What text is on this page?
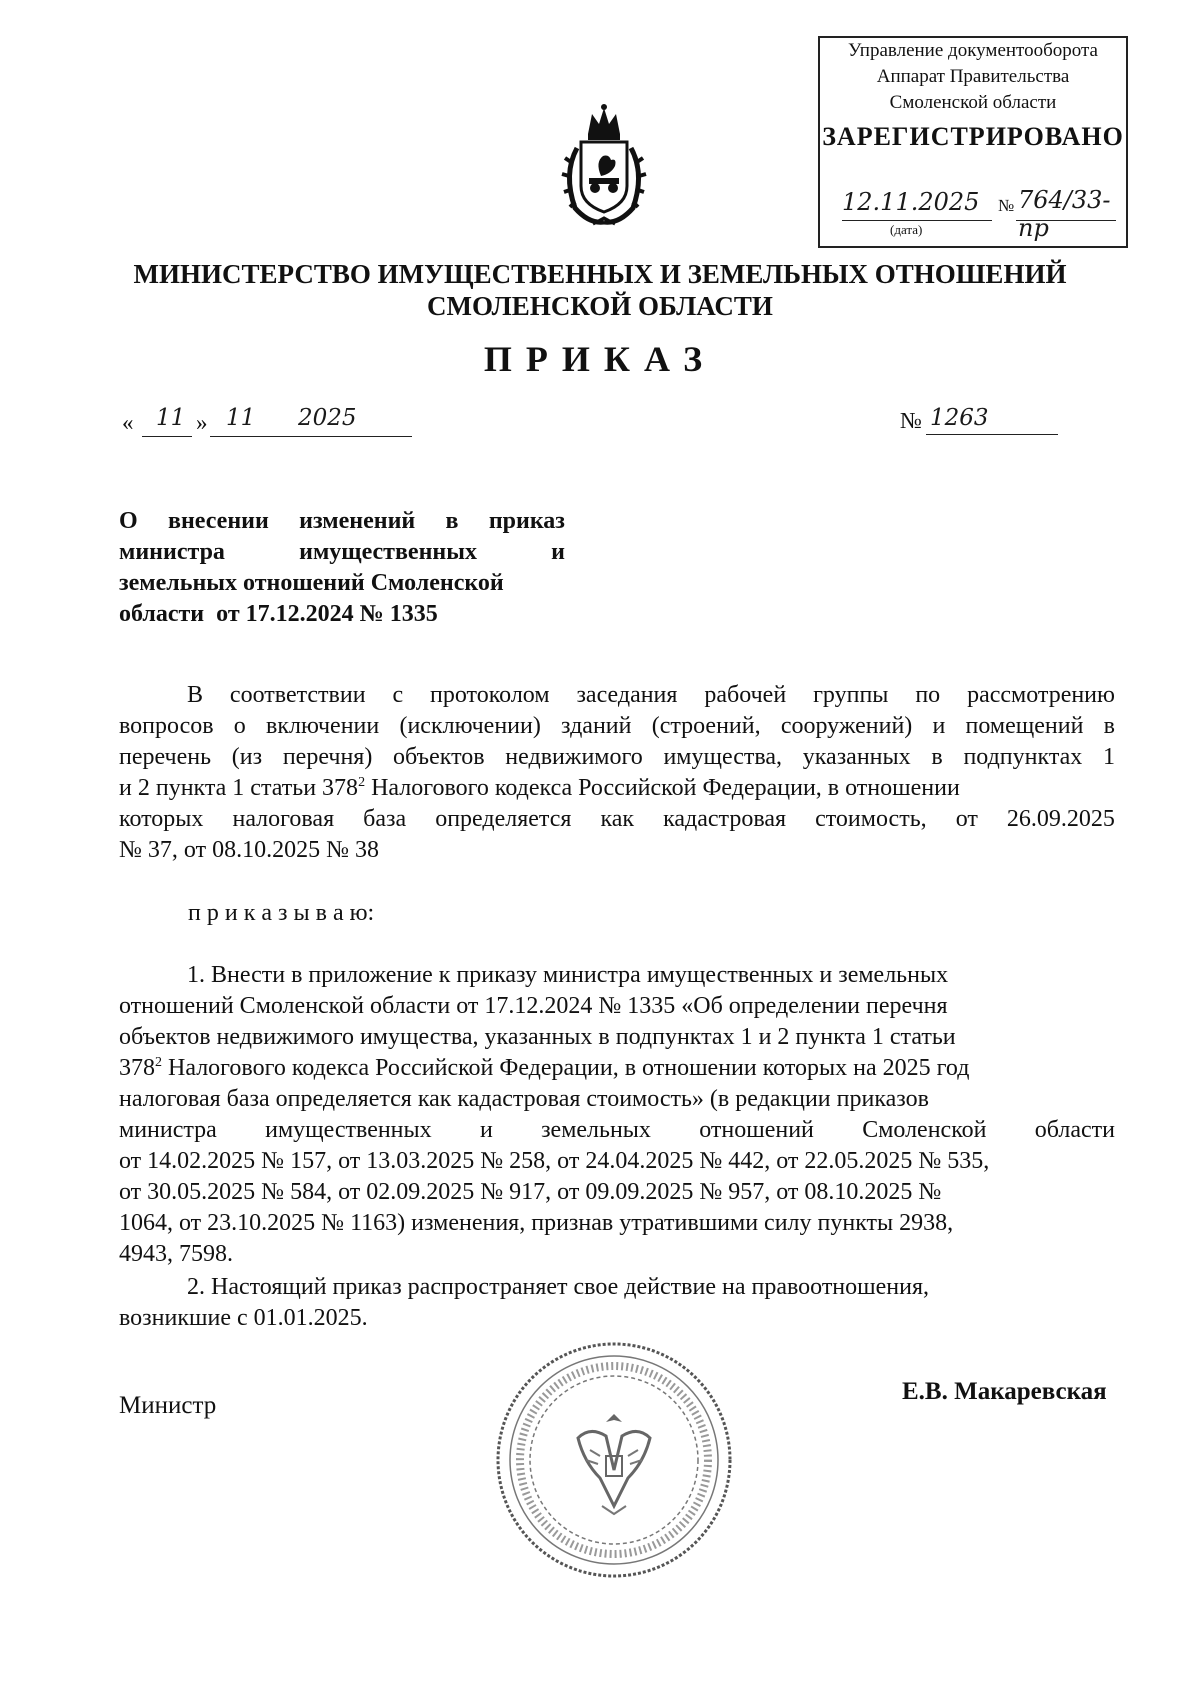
Управление документооборота
Аппарат Правительства
Смоленской области
ЗАРЕГИСТРИРОВАНО
12.11.2025
(дата)
№ 764/33-пр
МИНИСТЕРСТВО ИМУЩЕСТВЕННЫХ И ЗЕМЕЛЬНЫХ ОТНОШЕНИЙ
СМОЛЕНСКОЙ ОБЛАСТИ
ПРИКАЗ
« 11 » 11 2025	№ 1263
О внесении изменений в приказ
министра	имущественных	и
земельных отношений Смоленской
области  от 17.12.2024 № 1335
В соответствии с протоколом заседания рабочей группы по рассмотрению
вопросов о включении (исключении) зданий (строений, сооружений) и помещений в
перечень (из перечня) объектов недвижимого имущества, указанных в подпунктах 1
и 2 пункта 1 статьи $378^2$ Налогового кодекса Российской Федерации, в отношении
которых налоговая база определяется как кадастровая стоимость, от 26.09.2025
№ 37, от 08.10.2025 № 38
п р и к а з ы в а ю:
1. Внести в приложение к приказу министра имущественных и земельных
отношений Смоленской области от 17.12.2024 № 1335 «Об определении перечня
объектов недвижимого имущества, указанных в подпунктах 1 и 2 пункта 1 статьи
$378^2$ Налогового кодекса Российской Федерации, в отношении которых на 2025 год
налоговая база определяется как кадастровая стоимость» (в редакции приказов
министра имущественных и земельных отношений Смоленской области
от 14.02.2025 № 157, от 13.03.2025 № 258, от 24.04.2025 № 442, от 22.05.2025 № 535,
от 30.05.2025 № 584, от 02.09.2025 № 917, от 09.09.2025 № 957, от 08.10.2025 №
1064, от 23.10.2025 № 1163) изменения, признав утратившими силу пункты 2938,
4943, 7598.
2. Настоящий приказ распространяет свое действие на правоотношения,
возникшие с 01.01.2025.
Министр
Е.В. Макаревская
